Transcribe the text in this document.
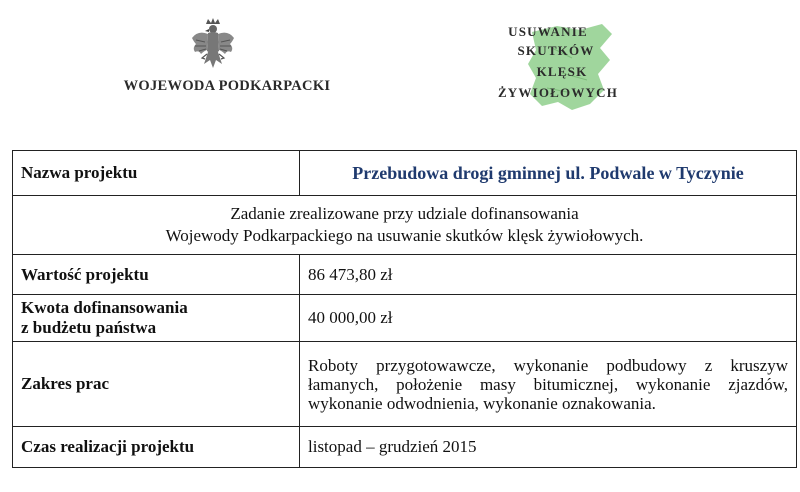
WOJEWODA PODKARPACKI
USUWANIE
SKUTKÓW
KLĘSK
ŻYWIOŁOWYCH
Nazwa projektu	Przebudowa drogi gminnej ul. Podwale w Tyczynie
Zadanie zrealizowane przy udziale dofinansowania
Wojewody Podkarpackiego na usuwanie skutków klęsk żywiołowych.	
Wartość projektu	86 473,80 zł
Kwota dofinansowania
z budżetu państwa	40 000,00 zł
Zakres prac	Roboty przygotowawcze, wykonanie podbudowy z kruszyw łamanych, położenie masy bitumicznej, wykonanie zjazdów, wykonanie odwodnienia, wykonanie oznakowania.
Czas realizacji projektu	listopad – grudzień 2015
